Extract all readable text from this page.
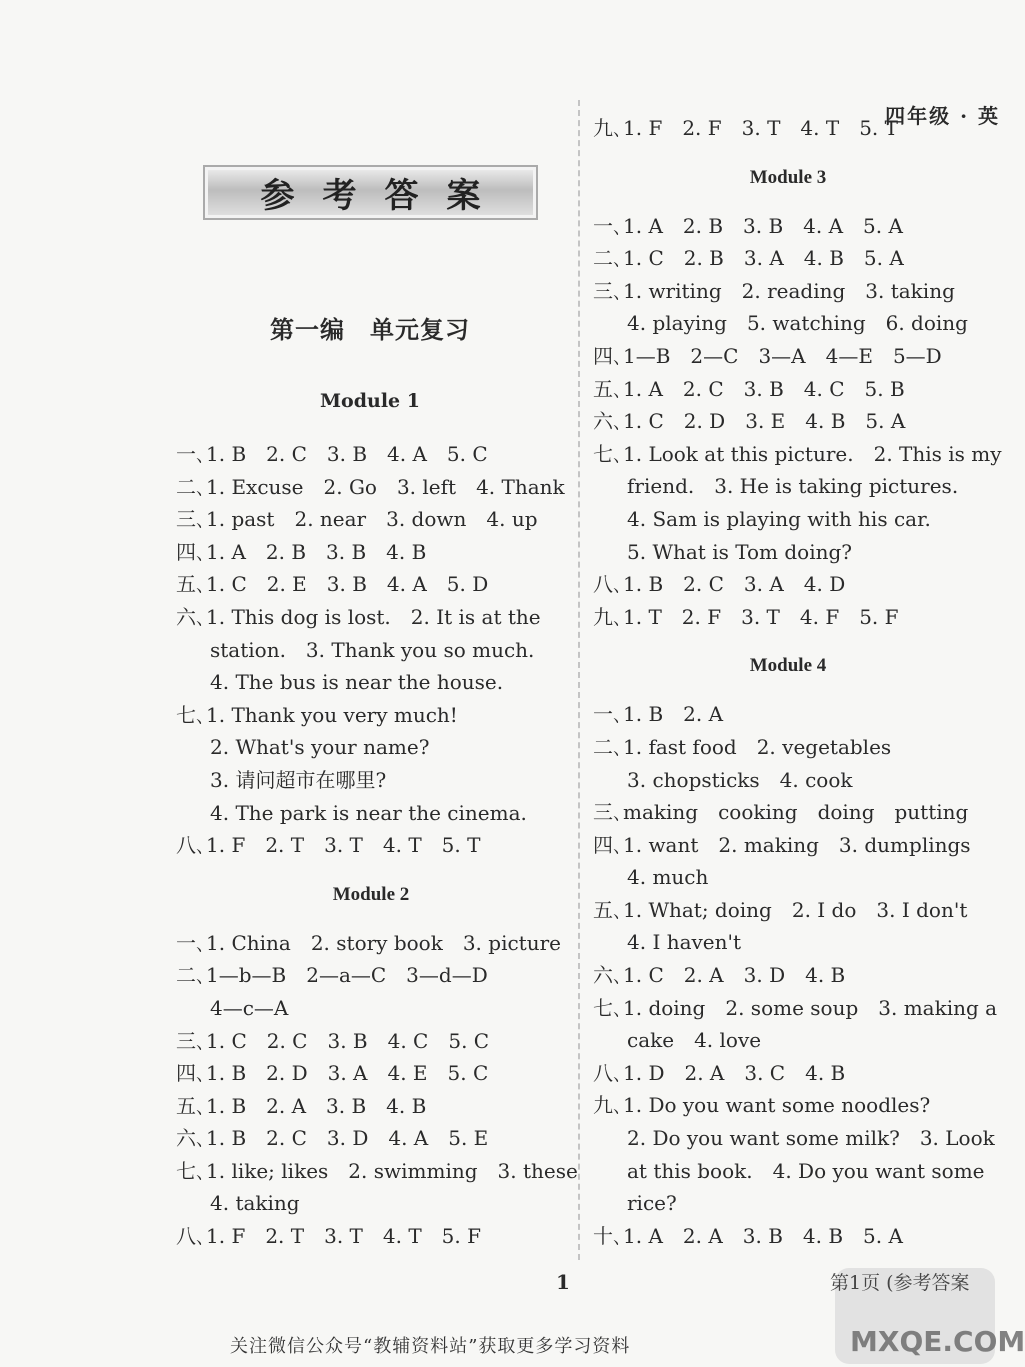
四年级 · 英
参考答案
第一编　单元复习
Module 1
一､1. B　2. C　3. B　4. A　5. C
二､1. Excuse　2. Go　3. left　4. Thank
三､1. past　2. near　3. down　4. up
四､1. A　2. B　3. B　4. B
五､1. C　2. E　3. B　4. A　5. D
六､1. This dog is lost.　2. It is at the
station.　3. Thank you so much.
4. The bus is near the house.
七､1. Thank you very much!
2. What's your name?
3. 请问超市在哪里?
4. The park is near the cinema.
八､1. F　2. T　3. T　4. T　5. T
Module 2
一､1. China　2. story book　3. picture
二､1—b—B　2—a—C　3—d—D
4—c—A
三､1. C　2. C　3. B　4. C　5. C
四､1. B　2. D　3. A　4. E　5. C
五､1. B　2. A　3. B　4. B
六､1. B　2. C　3. D　4. A　5. E
七､1. like; likes　2. swimming　3. these
4. taking
八､1. F　2. T　3. T　4. T　5. F
九､1. F　2. F　3. T　4. T　5. T
Module 3
一､1. A　2. B　3. B　4. A　5. A
二､1. C　2. B　3. A　4. B　5. A
三､1. writing　2. reading　3. taking
4. playing　5. watching　6. doing
四､1—B　2—C　3—A　4—E　5—D
五､1. A　2. C　3. B　4. C　5. B
六､1. C　2. D　3. E　4. B　5. A
七､1. Look at this picture.　2. This is my
friend.　3. He is taking pictures.
4. Sam is playing with his car.
5. What is Tom doing?
八､1. B　2. C　3. A　4. D
九､1. T　2. F　3. T　4. F　5. F
Module 4
一､1. B　2. A
二､1. fast food　2. vegetables
3. chopsticks　4. cook
三､making　cooking　doing　putting
四､1. want　2. making　3. dumplings
4. much
五､1. What; doing　2. I do　3. I don't
4. I haven't
六､1. C　2. A　3. D　4. B
七､1. doing　2. some soup　3. making a
cake　4. love
八､1. D　2. A　3. C　4. B
九､1. Do you want some noodles?
2. Do you want some milk?　3. Look
at this book.　4. Do you want some
rice?
十､1. A　2. A　3. B　4. B　5. A
1	第1页 (参考答案
MXQE.COM
关注微信公众号“教辅资料站”获取更多学习资料
